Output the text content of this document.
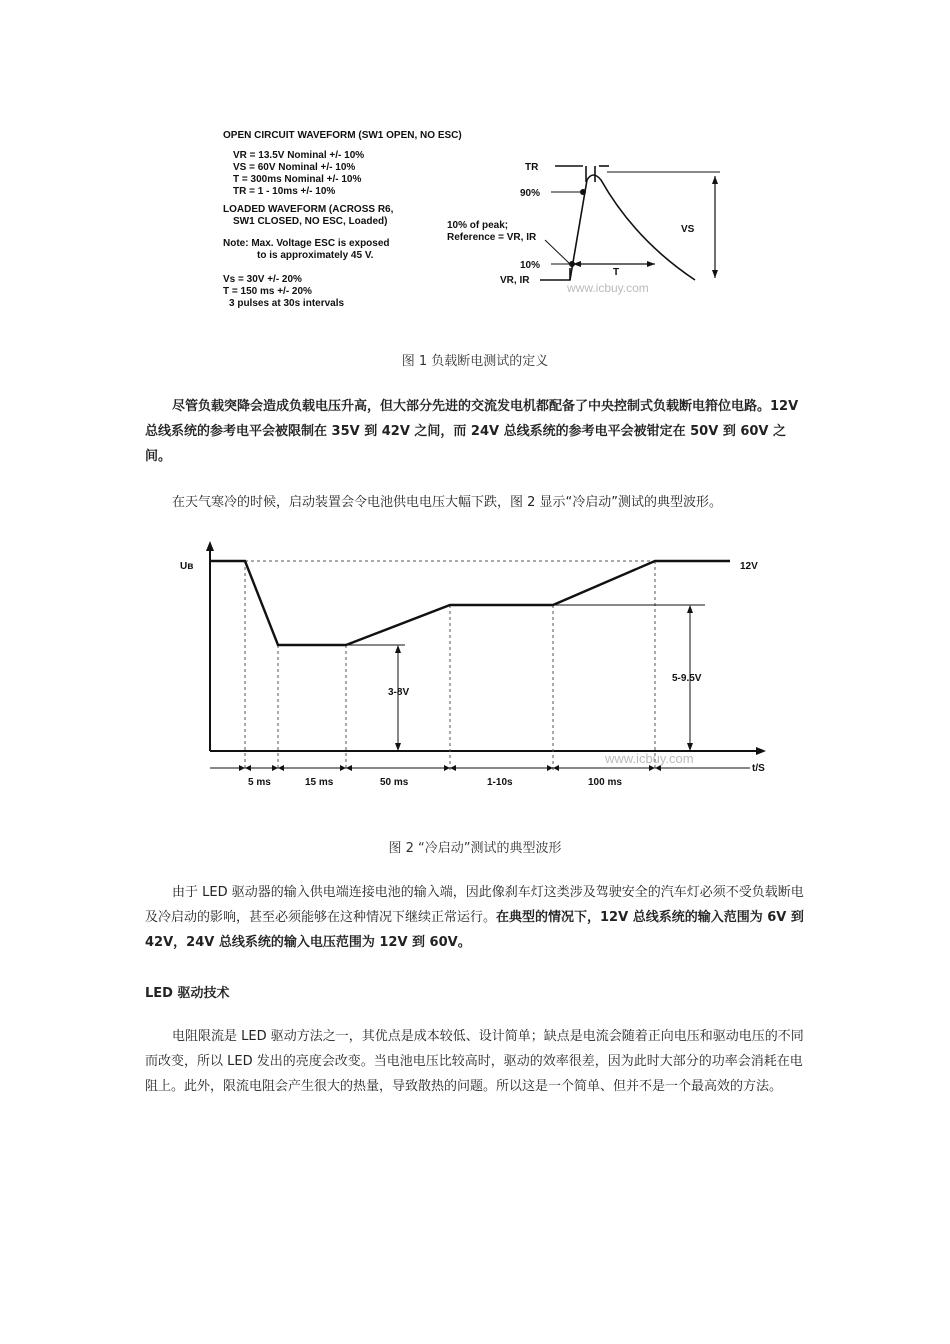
OPEN CIRCUIT WAVEFORM (SW1 OPEN, NO ESC)
VR = 13.5V Nominal +/- 10%
VS = 60V Nominal +/- 10%
T = 300ms Nominal +/- 10%
TR = 1 - 10ms +/- 10%
LOADED WAVEFORM (ACROSS R6,
SW1 CLOSED, NO ESC, Loaded)
Note: Max. Voltage ESC is exposed
to is approximately 45 V.
Vs = 30V +/- 20%
T = 150 ms +/- 20%
3 pulses at 30s intervals
TR
90%
10% of peak;
Reference = VR, IR
10%
VR, IR
VS
T
www.icbuy.com
图 1 负载断电测试的定义
尽管负载突降会造成负载电压升高，但大部分先进的交流发电机都配备了中央控制式负载断电箝位电路。12V 总线系统的参考电平会被限制在 35V 到 42V 之间，而 24V 总线系统的参考电平会被钳定在 50V 到 60V 之间。
在天气寒冷的时候，启动装置会令电池供电电压大幅下跌，图 2 显示“冷启动”测试的典型波形。
Uв	12V
3-8V
5-9.5V
t/S
5 ms	15 ms	50 ms	1-10s	100 ms
www.icbuy.com
图 2 “冷启动”测试的典型波形
由于 LED 驱动器的输入供电端连接电池的输入端，因此像刹车灯这类涉及驾驶安全的汽车灯必须不受负载断电及冷启动的影响，甚至必须能够在这种情况下继续正常运行。在典型的情况下，12V 总线系统的输入范围为 6V 到 42V，24V 总线系统的输入电压范围为 12V 到 60V。
LED 驱动技术
电阻限流是 LED 驱动方法之一，其优点是成本较低、设计简单；缺点是电流会随着正向电压和驱动电压的不同而改变，所以 LED 发出的亮度会改变。当电池电压比较高时，驱动的效率很差，因为此时大部分的功率会消耗在电阻上。此外，限流电阻会产生很大的热量，导致散热的问题。所以这是一个简单、但并不是一个最高效的方法。
